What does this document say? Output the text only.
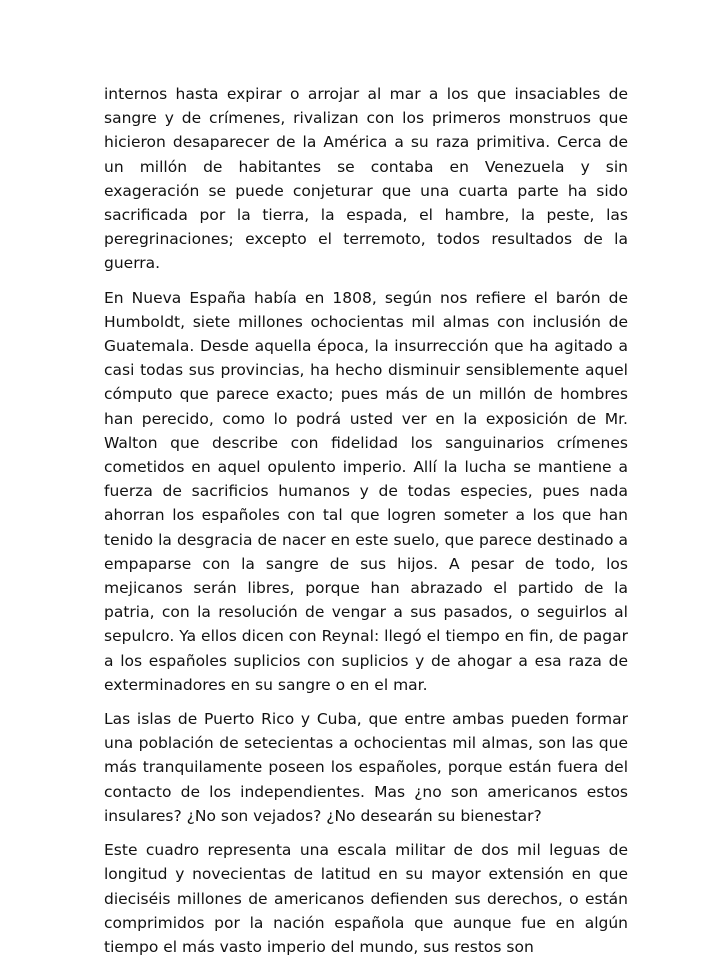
internos hasta expirar o arrojar al mar a los que insaciables de sangre y de crímenes, rivalizan con los primeros monstruos que hicieron desaparecer de la América a su raza primitiva. Cerca de un millón de habitantes se contaba en Venezuela y sin exageración se puede conjeturar que una cuarta parte ha sido sacrificada por la tierra, la espada, el hambre, la peste, las peregrinaciones; excepto el terremoto, todos resultados de la guerra.

En Nueva España había en 1808, según nos refiere el barón de Humboldt, siete millones ochocientas mil almas con inclusión de Guatemala. Desde aquella época, la insurrección que ha agitado a casi todas sus provincias, ha hecho disminuir sensiblemente aquel cómputo que parece exacto; pues más de un millón de hombres han perecido, como lo podrá usted ver en la exposición de Mr. Walton que describe con fidelidad los sanguinarios crímenes cometidos en aquel opulento imperio. Allí la lucha se mantiene a fuerza de sacrificios humanos y de todas especies, pues nada ahorran los españoles con tal que logren someter a los que han tenido la desgracia de nacer en este suelo, que parece destinado a empaparse con la sangre de sus hijos. A pesar de todo, los mejicanos serán libres, porque han abrazado el partido de la patria, con la resolución de vengar a sus pasados, o seguirlos al sepulcro. Ya ellos dicen con Reynal: llegó el tiempo en fin, de pagar a los españoles suplicios con suplicios y de ahogar a esa raza de exterminadores en su sangre o en el mar.

Las islas de Puerto Rico y Cuba, que entre ambas pueden formar una población de setecientas a ochocientas mil almas, son las que más tranquilamente poseen los españoles, porque están fuera del contacto de los independientes. Mas ¿no son americanos estos insulares? ¿No son vejados? ¿No desearán su bienestar?

Este cuadro representa una escala militar de dos mil leguas de longitud y novecientas de latitud en su mayor extensión en que dieciséis millones de americanos defienden sus derechos, o están comprimidos por la nación española que aunque fue en algún tiempo el más vasto imperio del mundo, sus restos son
